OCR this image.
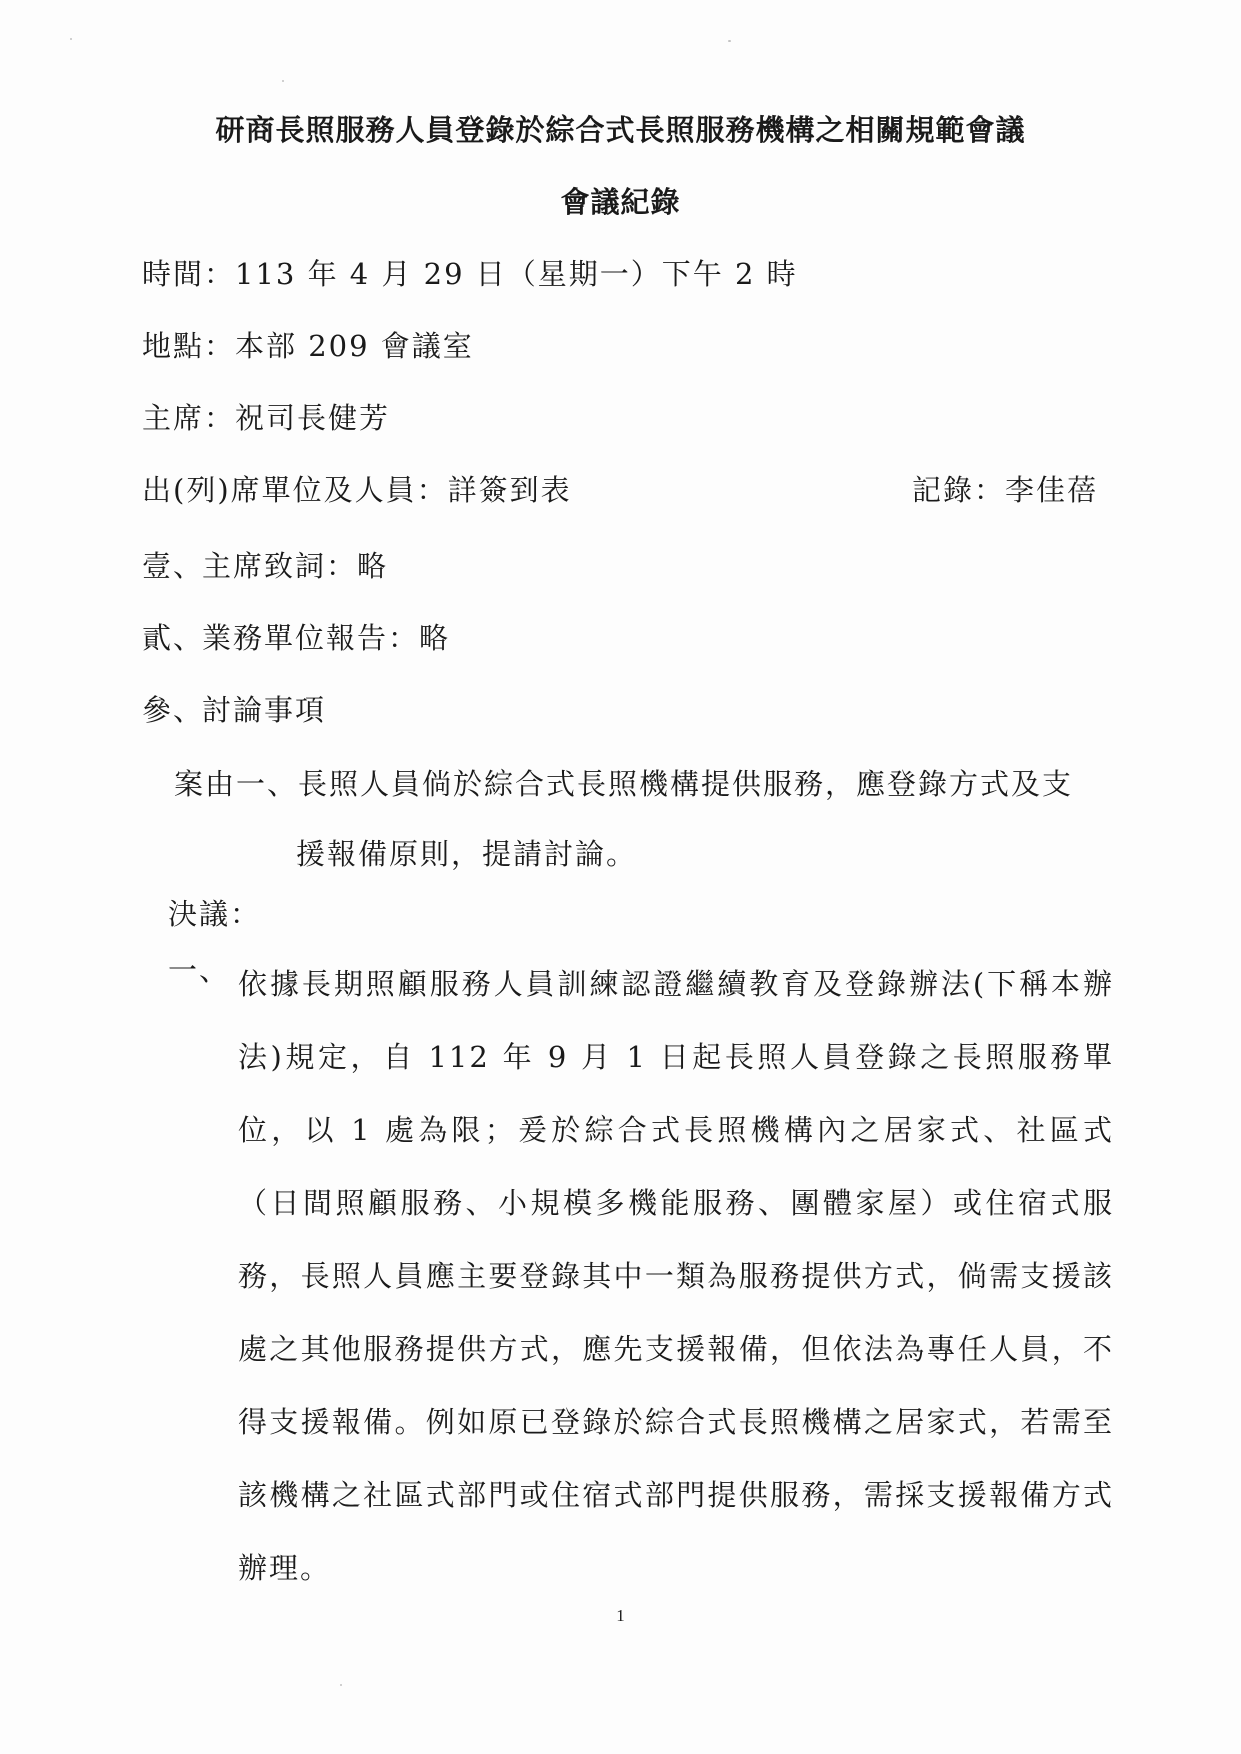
研商長照服務人員登錄於綜合式長照服務機構之相關規範會議
會議紀錄
時間：113 年 4 月 29 日（星期一）下午 2 時
地點：本部 209 會議室
主席：祝司長健芳
出(列)席單位及人員：詳簽到表	記錄：李佳蓓
壹、主席致詞：略
貳、業務單位報告：略
參、討論事項
案由一、長照人員倘於綜合式長照機構提供服務，應登錄方式及支
援報備原則，提請討論。
決議：
一、 依據長期照顧服務人員訓練認證繼續教育及登錄辦法(下稱本辦法)規定，自 112 年 9 月 1 日起長照人員登錄之長照服務單位，以 1 處為限；爰於綜合式長照機構內之居家式、社區式（日間照顧服務、小規模多機能服務、團體家屋）或住宿式服務，長照人員應主要登錄其中一類為服務提供方式，倘需支援該處之其他服務提供方式，應先支援報備，但依法為專任人員，不得支援報備。例如原已登錄於綜合式長照機構之居家式，若需至該機構之社區式部門或住宿式部門提供服務，需採支援報備方式辦理。
1
